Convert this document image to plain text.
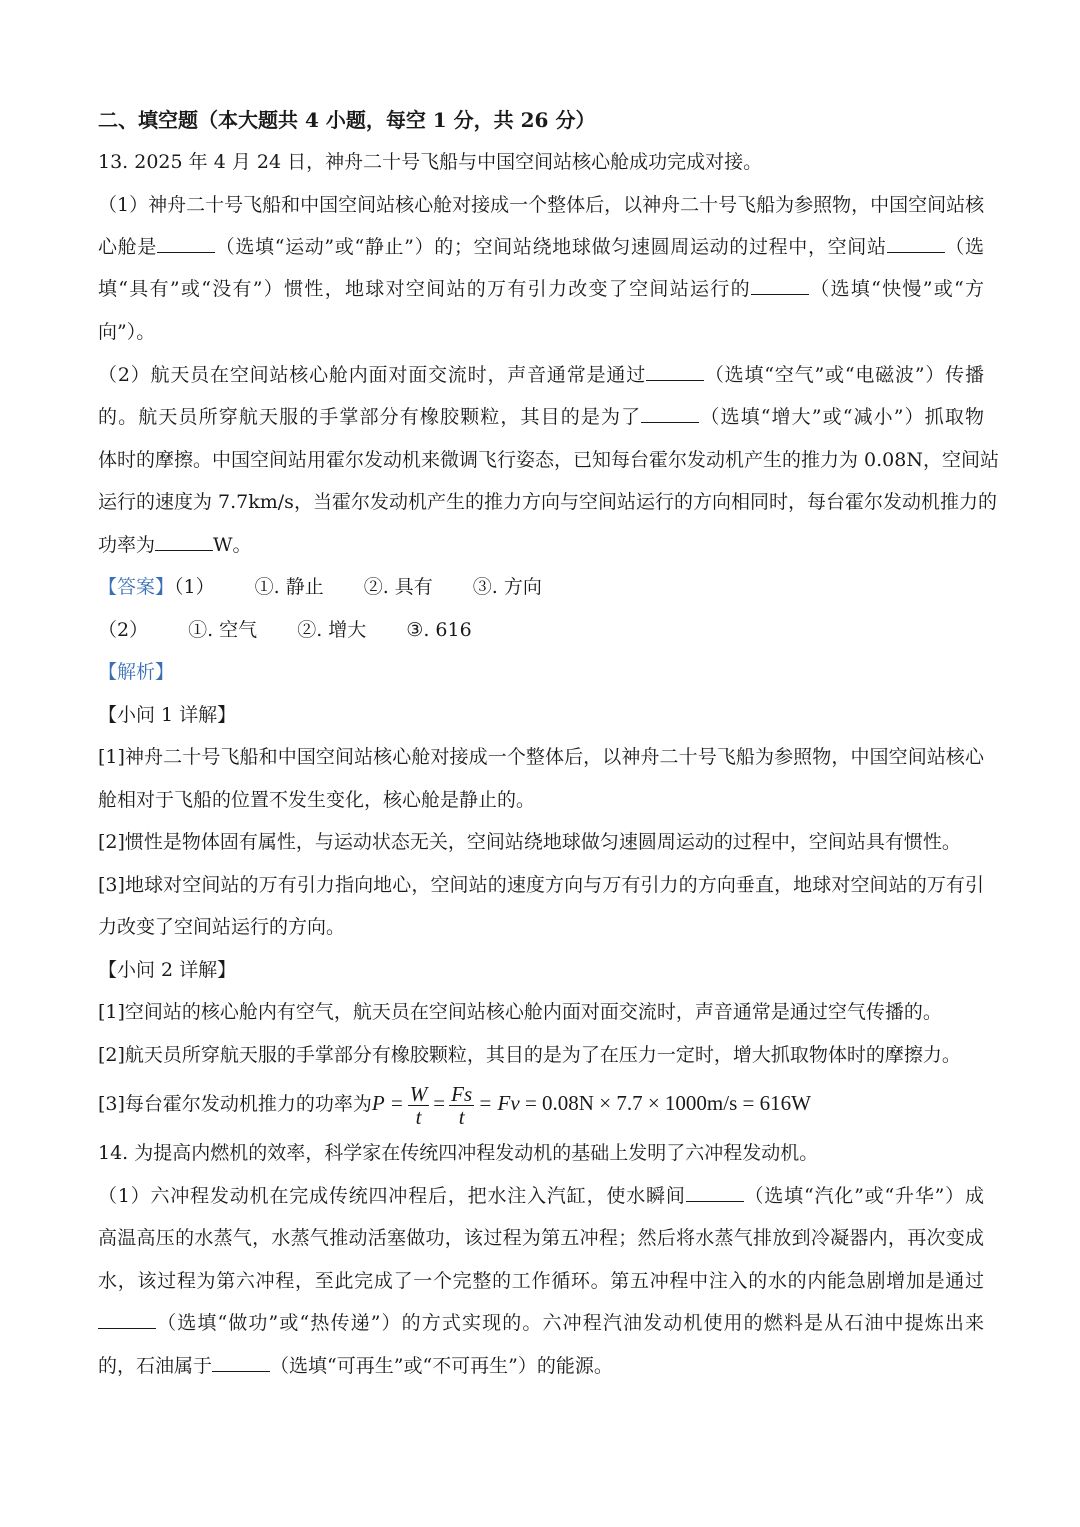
二、填空题（本大题共 4 小题，每空 1 分，共 26 分）
13. 2025 年 4 月 24 日，神舟二十号飞船与中国空间站核心舱成功完成对接。
（1）神舟二十号飞船和中国空间站核心舱对接成一个整体后，以神舟二十号飞船为参照物，中国空间站核
心舱是	（选填“运动”或“静止”）的；空间站绕地球做匀速圆周运动的过程中，空间站	（选
填“具有”或“没有”）惯性，地球对空间站的万有引力改变了空间站运行的	（选填“快慢”或“方
向”）。
（2）航天员在空间站核心舱内面对面交流时，声音通常是通过	（选填“空气”或“电磁波”）传播
的。航天员所穿航天服的手掌部分有橡胶颗粒，其目的是为了	（选填“增大”或“减小”）抓取物
体时的摩擦。中国空间站用霍尔发动机来微调飞行姿态，已知每台霍尔发动机产生的推力为 0.08N，空间站
运行的速度为 7.7km/s，当霍尔发动机产生的推力方向与空间站运行的方向相同时，每台霍尔发动机推力的
功率为	W。
【答案】（1） ①. 静止 ②. 具有 ③. 方向
（2） ①. 空气 ②. 增大 ③. 616
【解析】
【小问 1 详解】
[1]神舟二十号飞船和中国空间站核心舱对接成一个整体后，以神舟二十号飞船为参照物，中国空间站核心
舱相对于飞船的位置不发生变化，核心舱是静止的。
[2]惯性是物体固有属性，与运动状态无关，空间站绕地球做匀速圆周运动的过程中，空间站具有惯性。
[3]地球对空间站的万有引力指向地心，空间站的速度方向与万有引力的方向垂直，地球对空间站的万有引
力改变了空间站运行的方向。
【小问 2 详解】
[1]空间站的核心舱内有空气，航天员在空间站核心舱内面对面交流时，声音通常是通过空气传播的。
[2]航天员所穿航天服的手掌部分有橡胶颗粒，其目的是为了在压力一定时，增大抓取物体时的摩擦力。
[3]每台霍尔发动机推力的功率为$P = \frac{W}{t} = \frac{Fs}{t} = Fv = 0.08N \times 7.7 \times 1000m/s = 616W$
14. 为提高内燃机的效率，科学家在传统四冲程发动机的基础上发明了六冲程发动机。
（1）六冲程发动机在完成传统四冲程后，把水注入汽缸，使水瞬间	（选填“汽化”或“升华”）成
高温高压的水蒸气，水蒸气推动活塞做功，该过程为第五冲程；然后将水蒸气排放到冷凝器内，再次变成
水，该过程为第六冲程，至此完成了一个完整的工作循环。第五冲程中注入的水的内能急剧增加是通过
（选填“做功”或“热传递”）的方式实现的。六冲程汽油发动机使用的燃料是从石油中提炼出来
的，石油属于	（选填“可再生”或“不可再生”）的能源。
